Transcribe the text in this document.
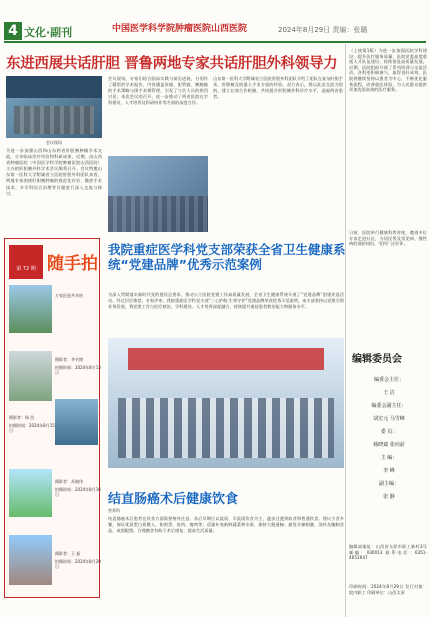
4 文化·副刊	中国医学科学院肿瘤医院山西医院	2024年8月29日 责编：张璐
东进西展共话肝胆 晋鲁两地专家共话肝胆外科领导力
会议现场
为进一步加强山西和山东两省肝胆胰肿瘤学术交流，分享临床诊疗经验和科研成果，近期，由山西省肿瘤医院（中国医学科学院肿瘤医院山西医院）主办的肝胆胰外科学术会议顺利召开。会议特邀山东第一医科大学附属省立医院肝胆外科团队来晋，两地专家围绕肝胆胰肿瘤的规范化诊治、微创手术技术、多学科综合治理等议题进行深入交流与探讨。
会议现场，专家们结合临床实践与前沿进展，分别作了精彩的学术报告，内容涵盖肝癌、胆管癌、胰腺癌的手术策略与围手术期管理，引发了与会人员的热烈讨论。本次会议的召开，进一步推动了两省医院在学科建设、人才培养及科研协作等方面的深度合作。
山东第一医科大学附属省立医院肝胆外科团队介绍了团队在复杂肝胆手术、肝移植及机器人手术方面的经验。双方表示，将以此次交流为契机，建立长效合作机制，共同提升肝胆胰外科诊疗水平，造福两省患者。
第 72 期 随手拍
万家医患共享的
摄影者：李书博
拍摄时间：2024年8月13日
摄影者：杨 浩
拍摄时间：2024年8月15日
摄影者：苏晓伟
拍摄时间：2024年8月16日
摄影者：王 磊
拍摄时间：2024年8月20日
我院重症医学科党支部荣获全省卫生健康系统“党建品牌”优秀示范案例
为深入贯彻落实新时代党的建设总要求，推动公立医院党建工作高质量发展，全省卫生健康系统开展了“党建品牌”创建评选活动。经过层层推荐、专家评审，我院重症医学科党支部“三心护航·生命守护”党建品牌荣获优秀示范案例。该支部坚持以党建引领业务发展，将党建工作与医疗救治、学科建设、人才培养深度融合，持续提升重症患者救治能力和服务水平。
结直肠癌术后健康饮食
营养科
结直肠癌术后患者在饮食方面需要格外注意。术后早期应以流质、半流质饮食为主，逐步过渡到软食和普通饮食。建议少食多餐，保证优质蛋白质摄入，如鸡蛋、鱼肉、瘦肉等；适量补充新鲜蔬菜和水果，保持大便通畅；避免辛辣刺激、油炸及腌制食品，戒烟限酒。合理膳食有助于术后康复，提高生活质量。
（上接第1版）为进一步加强医院学科建设，提升医疗服务质量，医院党委高度重视人才队伍建设，持续推进高质量发展。近期，医院组织开展了系列培训与交流活动，各科室积极参与，取得良好成效。医院将继续坚持以患者为中心，不断优化服务流程，改善就医体验，为人民群众提供更加优质高效的医疗服务。
日前，医院举行健康科普讲座，邀请多位专家走进社区，为居民普及常见病、慢性病的预防知识，受到广泛好评。
编辑委员会
编委会主任：
王 洁
编委会副主任：
胡宏元 马雪峰
委 员：
杨晓斌 张向前
主 编：
李 峰
副主编：
张 静
编辑部地址：山西省太原市职工新村3号 邮编：030013 联系电话：0351-4651647
印刷时间：2024年8月29日 发行对象：院内职工 印刷单位：山西太原
